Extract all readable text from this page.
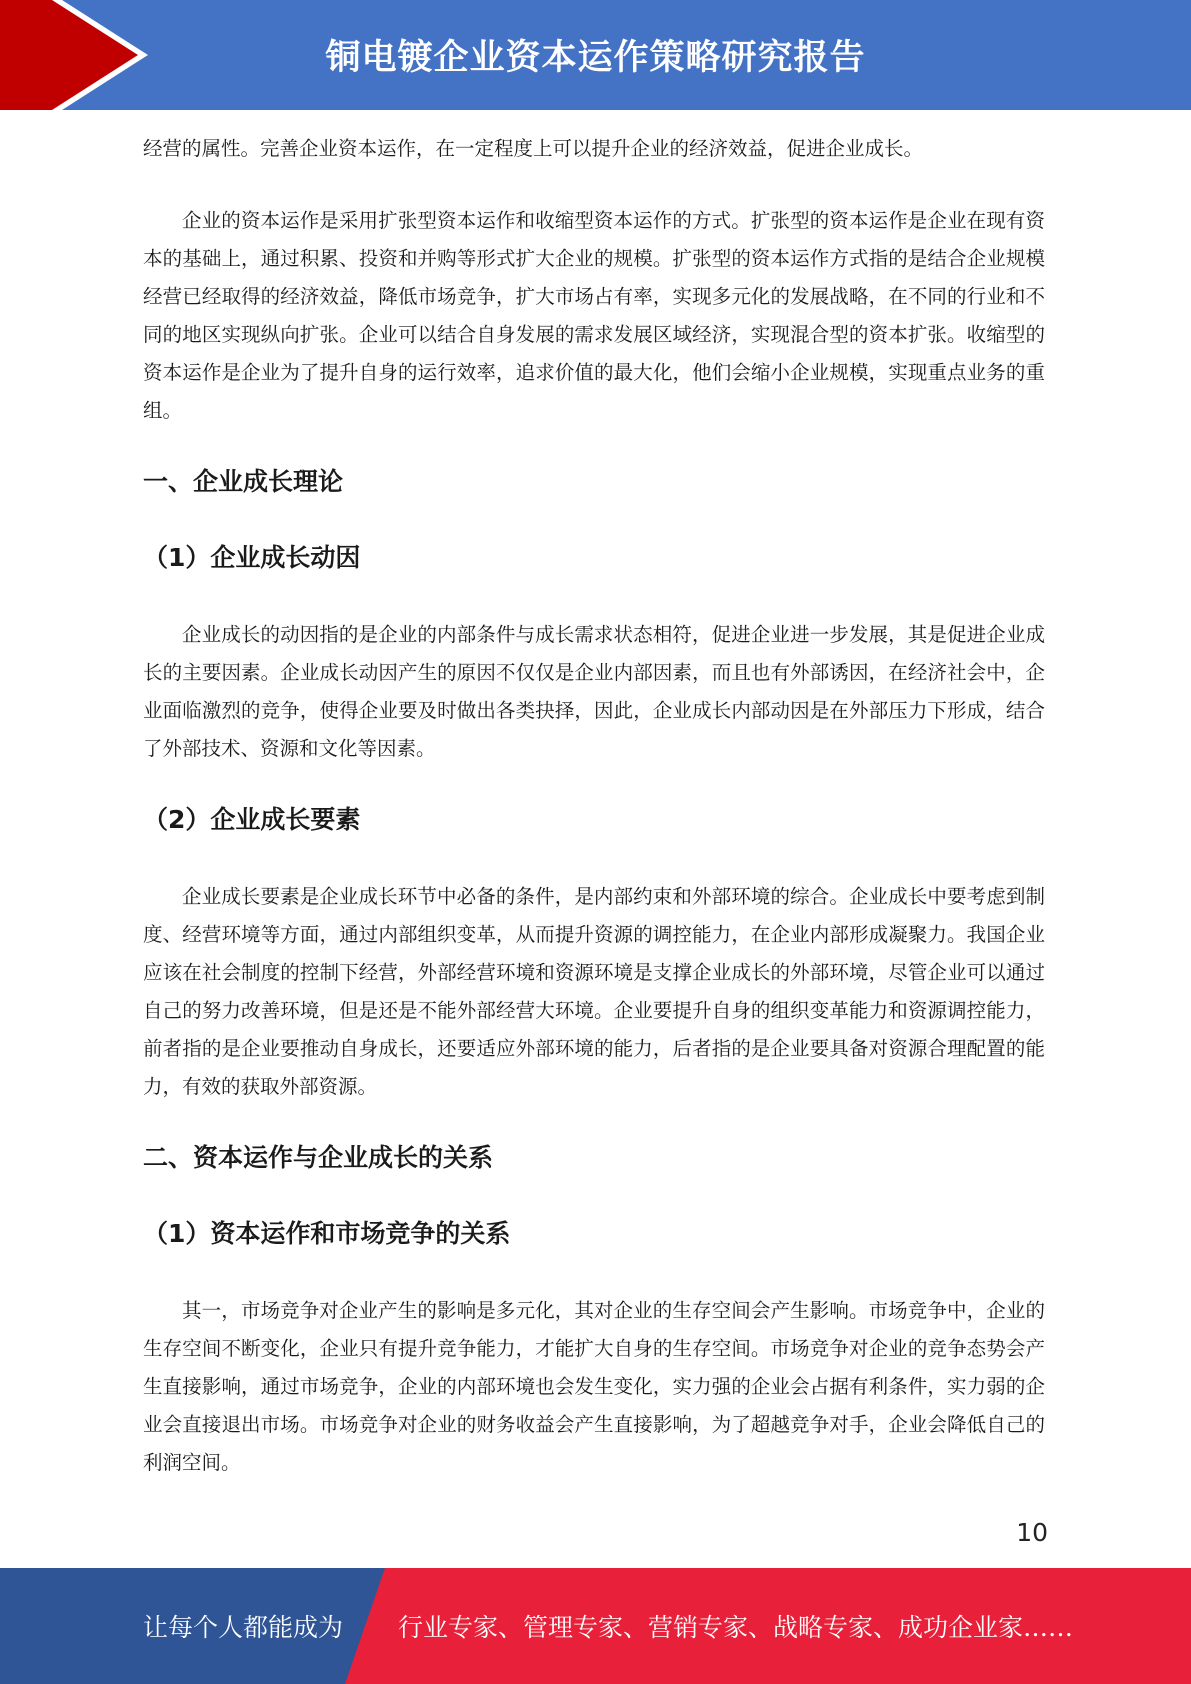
铜电镀企业资本运作策略研究报告

经营的属性。完善企业资本运作，在一定程度上可以提升企业的经济效益，促进企业成长。

企业的资本运作是采用扩张型资本运作和收缩型资本运作的方式。扩张型的资本运作是企业在现有资本的基础上，通过积累、投资和并购等形式扩大企业的规模。扩张型的资本运作方式指的是结合企业规模经营已经取得的经济效益，降低市场竞争，扩大市场占有率，实现多元化的发展战略，在不同的行业和不同的地区实现纵向扩张。企业可以结合自身发展的需求发展区域经济，实现混合型的资本扩张。收缩型的资本运作是企业为了提升自身的运行效率，追求价值的最大化，他们会缩小企业规模，实现重点业务的重组。

一、企业成长理论
（1）企业成长动因

企业成长的动因指的是企业的内部条件与成长需求状态相符，促进企业进一步发展，其是促进企业成长的主要因素。企业成长动因产生的原因不仅仅是企业内部因素，而且也有外部诱因，在经济社会中，企业面临激烈的竞争，使得企业要及时做出各类抉择，因此，企业成长内部动因是在外部压力下形成，结合了外部技术、资源和文化等因素。

（2）企业成长要素

企业成长要素是企业成长环节中必备的条件，是内部约束和外部环境的综合。企业成长中要考虑到制度、经营环境等方面，通过内部组织变革，从而提升资源的调控能力，在企业内部形成凝聚力。我国企业应该在社会制度的控制下经营，外部经营环境和资源环境是支撑企业成长的外部环境，尽管企业可以通过自己的努力改善环境，但是还是不能外部经营大环境。企业要提升自身的组织变革能力和资源调控能力，前者指的是企业要推动自身成长，还要适应外部环境的能力，后者指的是企业要具备对资源合理配置的能力，有效的获取外部资源。

二、资本运作与企业成长的关系
（1）资本运作和市场竞争的关系

其一，市场竞争对企业产生的影响是多元化，其对企业的生存空间会产生影响。市场竞争中，企业的生存空间不断变化，企业只有提升竞争能力，才能扩大自身的生存空间。市场竞争对企业的竞争态势会产生直接影响，通过市场竞争，企业的内部环境也会发生变化，实力强的企业会占据有利条件，实力弱的企业会直接退出市场。市场竞争对企业的财务收益会产生直接影响，为了超越竞争对手，企业会降低自己的利润空间。

10
让每个人都能成为 行业专家、管理专家、营销专家、战略专家、成功企业家……
